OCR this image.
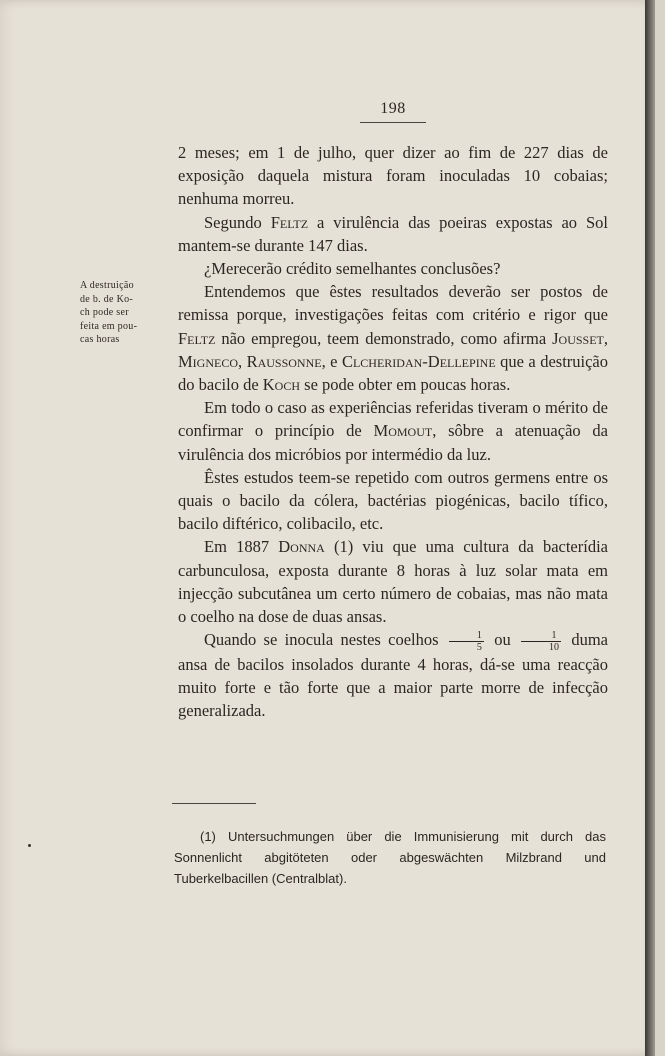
198
A destruição
de b. de Ko-
ch pode ser
feita em pou-
cas horas

2 meses; em 1 de julho, quer dizer ao fim de 227 dias de exposição daquela mistura foram inoculadas 10 cobaias; nenhuma morreu.

Segundo Feltz a virulência das poeiras expostas ao Sol mantem-se durante 147 dias.

¿Merecerão crédito semelhantes conclusões?

Entendemos que êstes resultados deverão ser postos de remissa porque, investigações feitas com critério e rigor que Feltz não empregou, teem demonstrado, como afirma Jousset, Migneco, Raussonne, e Clcheridan-Dellepine que a destruição do bacilo de Koch se pode obter em poucas horas.

Em todo o caso as experiências referidas tiveram o mérito de confirmar o princípio de Momout, sôbre a atenuação da virulência dos micróbios por intermédio da luz.

Êstes estudos teem-se repetido com outros germens entre os quais o bacilo da cólera, bactérias piogénicas, bacilo tífico, bacilo diftérico, colibacilo, etc.

Em 1887 Donna (1) viu que uma cultura da bacterídia carbunculosa, exposta durante 8 horas à luz solar mata em injecção subcutânea um certo número de cobaias, mas não mata o coelho na dose de duas ansas.

Quando se inocula nestes coelhos $\frac{1}{5}$ ou $\frac{1}{10}$ duma ansa de bacilos insolados durante 4 horas, dá-se uma reacção muito forte e tão forte que a maior parte morre de infecção generalizada.

(1) Untersuchmungen über die Immunisierung mit durch das Sonnenlicht abgitöteten oder abgeswächten Milzbrand und Tuberkelbacillen (Centralblat).
